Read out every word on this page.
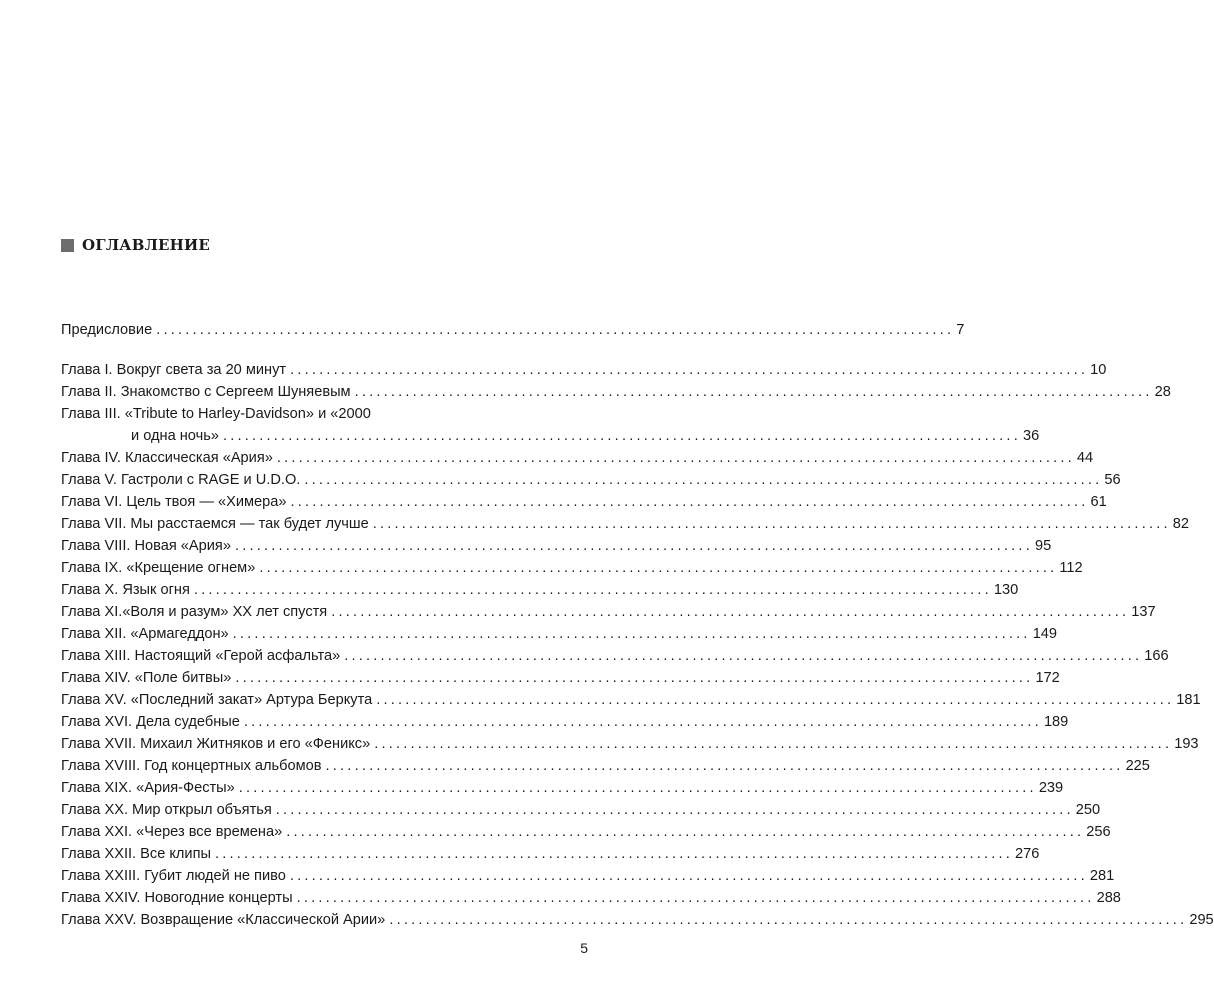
ОГЛАВЛЕНИЕ
Предисловие .............................................................................................................. 7
Глава I. Вокруг света за 20 минут .............................................................................................................. 10
Глава II. Знакомство с Сергеем Шуняевым .............................................................................................................. 28
Глава III. «Tribute to Harley-Davidson» и «2000
и одна ночь» .............................................................................................................. 36
Глава IV. Классическая «Ария» .............................................................................................................. 44
Глава V. Гастроли с RAGE и U.D.O. .............................................................................................................. 56
Глава VI. Цель твоя — «Химера» .............................................................................................................. 61
Глава VII. Мы расстаемся — так будет лучше .............................................................................................................. 82
Глава VIII. Новая «Ария» .............................................................................................................. 95
Глава IX. «Крещение огнем» .............................................................................................................. 112
Глава X. Язык огня .............................................................................................................. 130
Глава XI.«Воля и разум» XX лет спустя .............................................................................................................. 137
Глава XII. «Армагеддон» .............................................................................................................. 149
Глава XIII. Настоящий «Герой асфальта» .............................................................................................................. 166
Глава XIV. «Поле битвы» .............................................................................................................. 172
Глава XV. «Последний закат» Артура Беркута .............................................................................................................. 181
Глава XVI. Дела судебные .............................................................................................................. 189
Глава XVII. Михаил Житняков и его «Феникс» .............................................................................................................. 193
Глава XVIII. Год концертных альбомов .............................................................................................................. 225
Глава XIX. «Ария-Фесты» .............................................................................................................. 239
Глава XX. Мир открыл объятья .............................................................................................................. 250
Глава XXI. «Через все времена» .............................................................................................................. 256
Глава XXII. Все клипы .............................................................................................................. 276
Глава XXIII. Губит людей не пиво .............................................................................................................. 281
Глава XXIV. Новогодние концерты .............................................................................................................. 288
Глава XXV. Возвращение «Классической Арии» .............................................................................................................. 295
5
